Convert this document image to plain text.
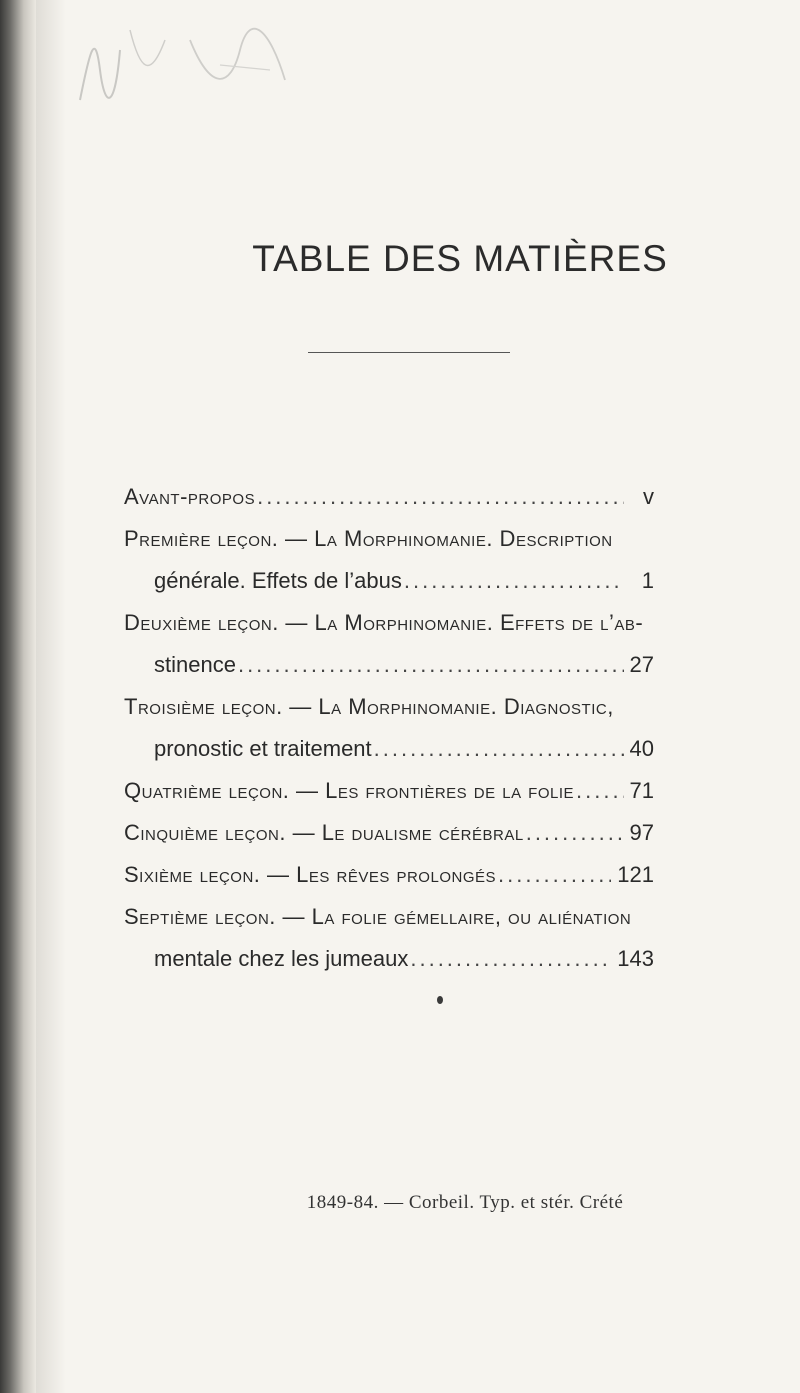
TABLE DES MATIÈRES
Avant-propos .....	v
Première leçon. — La Morphinomanie. Description
générale. Effets de l’abus .....	1
Deuxième leçon. — La Morphinomanie. Effets de l’ab-
stinence .....	27
Troisième leçon. — La Morphinomanie. Diagnostic,
pronostic et traitement .....	40
Quatrième leçon. — Les frontières de la folie .....	71
Cinquième leçon. — Le dualisme cérébral .....	97
Sixième leçon. — Les rêves prolongés .....	121
Septième leçon. — La folie gémellaire, ou aliénation
mentale chez les jumeaux .....	143
1849-84. — Corbeil. Typ. et stér. Crété
